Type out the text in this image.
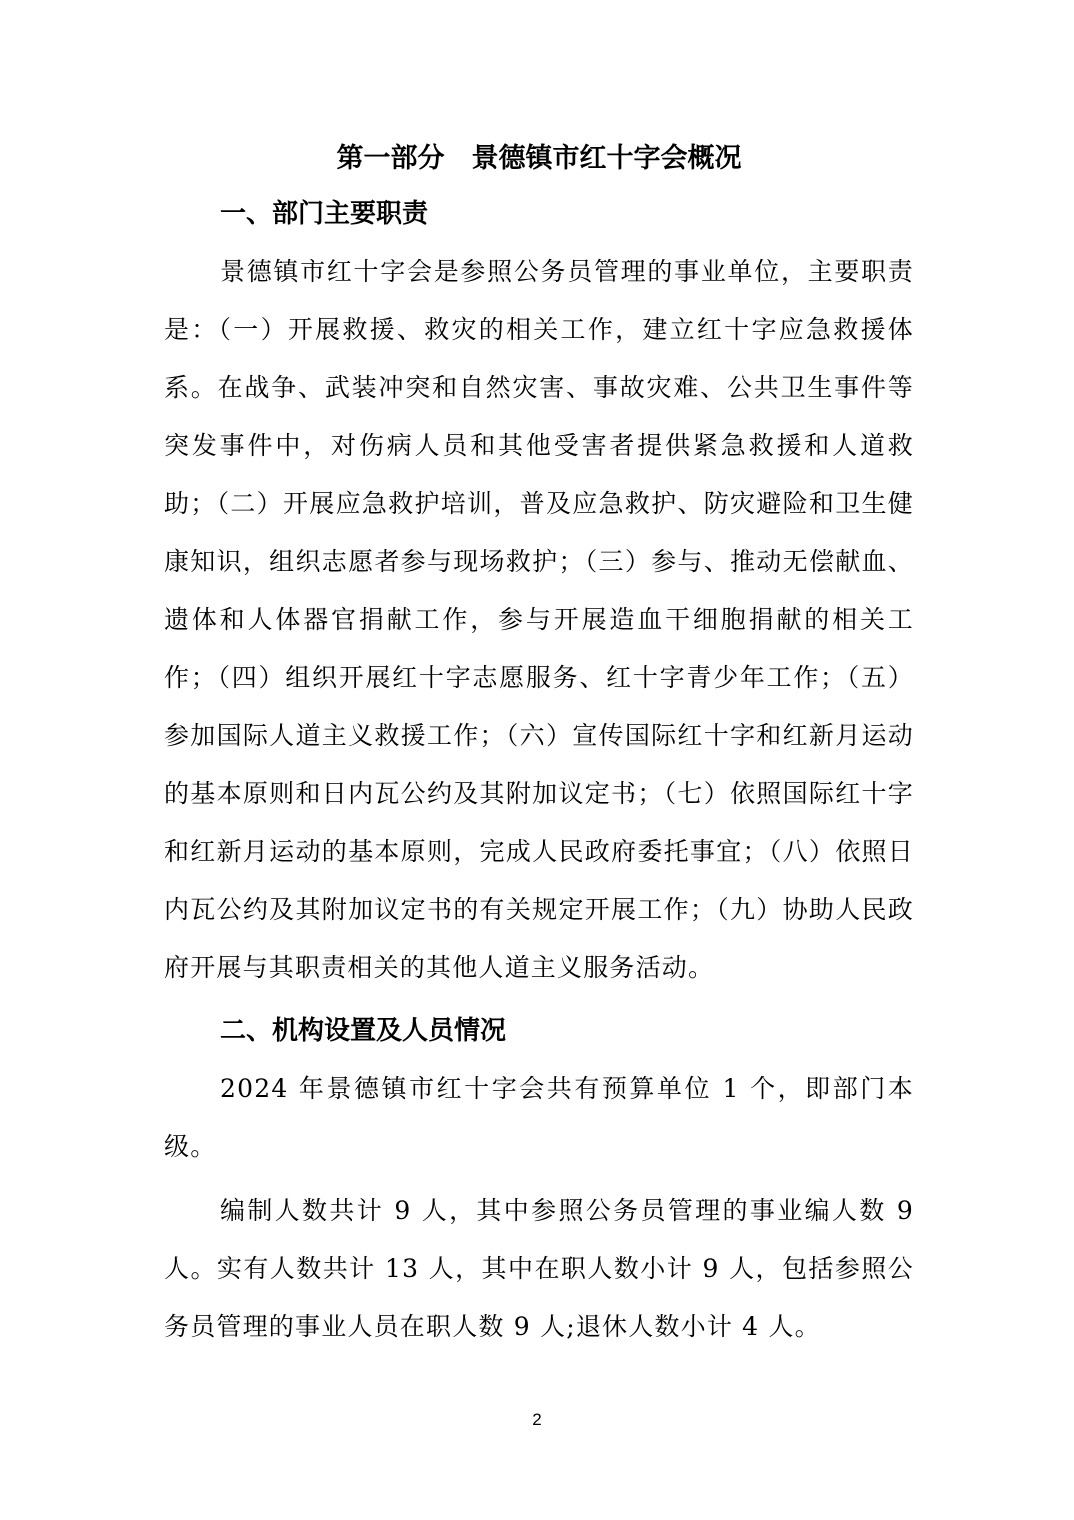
第一部分　景德镇市红十字会概况
一、部门主要职责

景德镇市红十字会是参照公务员管理的事业单位，主要职责是：（一）开展救援、救灾的相关工作，建立红十字应急救援体系。在战争、武装冲突和自然灾害、事故灾难、公共卫生事件等突发事件中，对伤病人员和其他受害者提供紧急救援和人道救助；（二）开展应急救护培训，普及应急救护、防灾避险和卫生健康知识，组织志愿者参与现场救护；（三）参与、推动无偿献血、遗体和人体器官捐献工作，参与开展造血干细胞捐献的相关工作；（四）组织开展红十字志愿服务、红十字青少年工作；（五）参加国际人道主义救援工作；（六）宣传国际红十字和红新月运动的基本原则和日内瓦公约及其附加议定书；（七）依照国际红十字和红新月运动的基本原则，完成人民政府委托事宜；（八）依照日内瓦公约及其附加议定书的有关规定开展工作；（九）协助人民政府开展与其职责相关的其他人道主义服务活动。

二、机构设置及人员情况

2024 年景德镇市红十字会共有预算单位 1 个，即部门本级。

编制人数共计 9 人，其中参照公务员管理的事业编人数 9 人。实有人数共计 13 人，其中在职人数小计 9 人，包括参照公务员管理的事业人员在职人数 9 人;退休人数小计 4 人。

2
